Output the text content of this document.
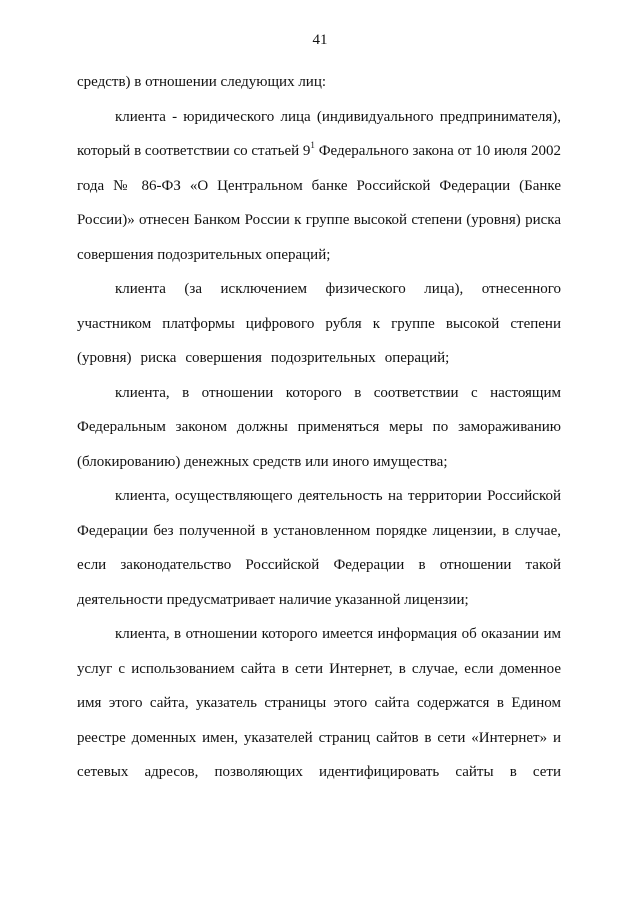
41

средств) в отношении следующих лиц:

клиента - юридического лица (индивидуального предпринимателя), который в соответствии со статьей $9^1$ Федерального закона от 10 июля 2002 года № 86-ФЗ «О Центральном банке Российской Федерации (Банке России)» отнесен Банком России к группе высокой степени (уровня) риска совершения подозрительных операций;

клиента (за исключением физического лица), отнесенного участником платформы цифрового рубля к группе высокой степени (уровня) риска совершения подозрительных операций;

клиента, в отношении которого в соответствии с настоящим Федеральным законом должны применяться меры по замораживанию (блокированию) денежных средств или иного имущества;

клиента, осуществляющего деятельность на территории Российской Федерации без полученной в установленном порядке лицензии, в случае, если законодательство Российской Федерации в отношении такой деятельности предусматривает наличие указанной лицензии;

клиента, в отношении которого имеется информация об оказании им услуг с использованием сайта в сети Интернет, в случае, если доменное имя этого сайта, указатель страницы этого сайта содержатся в Едином реестре доменных имен, указателей страниц сайтов в сети «Интернет» и сетевых адресов, позволяющих идентифицировать сайты в сети
